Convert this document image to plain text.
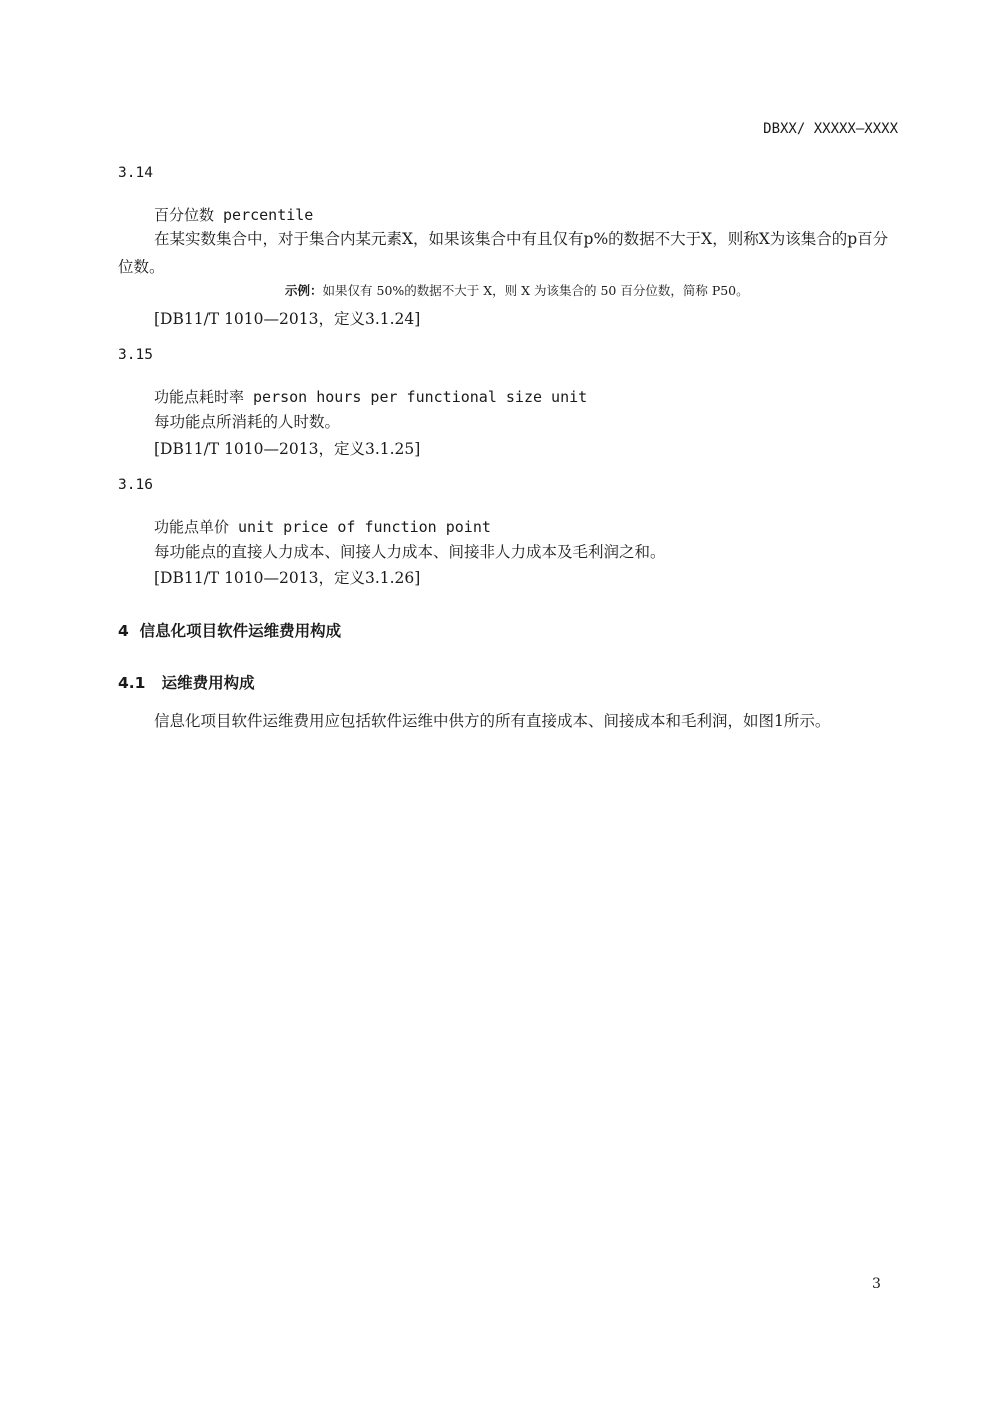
DBXX/ XXXXX—XXXX
3.14
百分位数 percentile
在某实数集合中，对于集合内某元素X，如果该集合中有且仅有p%的数据不大于X，则称X为该集合的p百分位数。
示例：如果仅有 50%的数据不大于 X，则 X 为该集合的 50 百分位数，简称 P50。
[DB11/T 1010—2013，定义3.1.24]
3.15
功能点耗时率 person hours per functional size unit
每功能点所消耗的人时数。
[DB11/T 1010—2013，定义3.1.25]
3.16
功能点单价 unit price of function point
每功能点的直接人力成本、间接人力成本、间接非人力成本及毛利润之和。
[DB11/T 1010—2013，定义3.1.26]
4  信息化项目软件运维费用构成
4.1   运维费用构成
信息化项目软件运维费用应包括软件运维中供方的所有直接成本、间接成本和毛利润，如图1所示。
3
